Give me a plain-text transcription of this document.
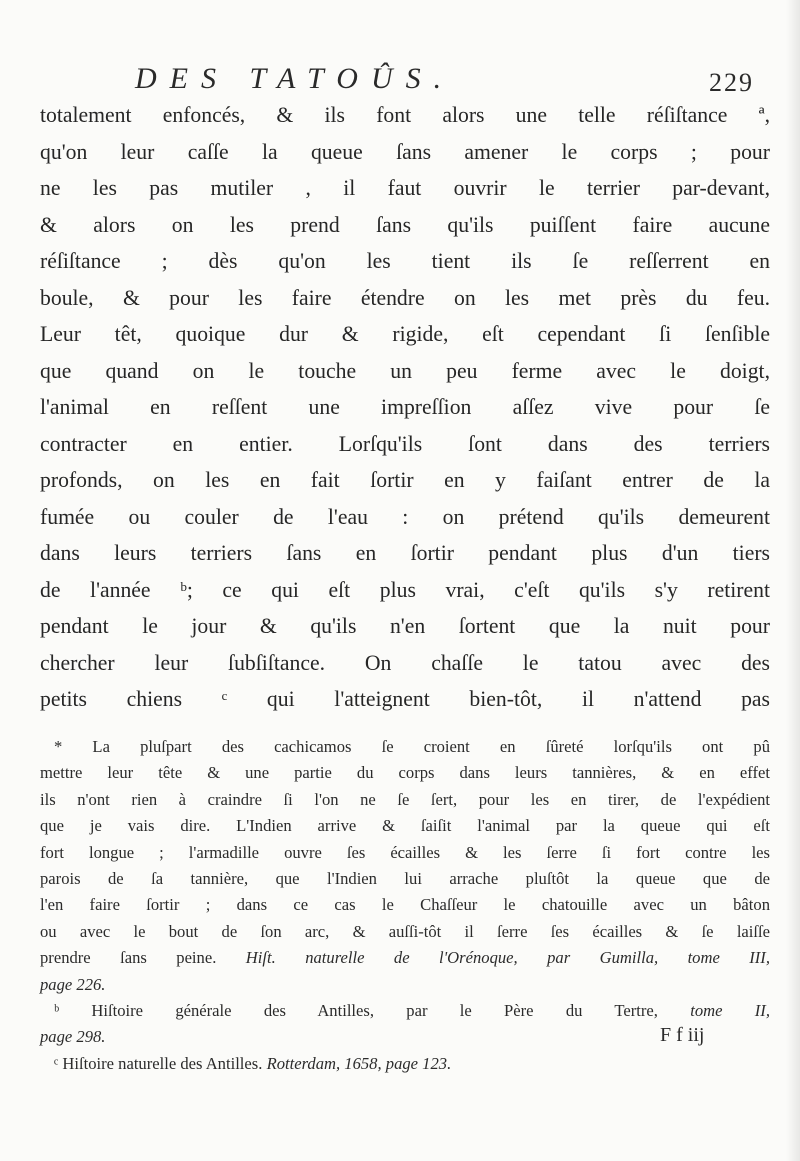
DES TATOÛS.	229
totalement enfoncés, & ils font alors une telle réſiſtance ª,
qu'on leur caſſe la queue ſans amener le corps ; pour
ne les pas mutiler , il faut ouvrir le terrier par-devant,
& alors on les prend ſans qu'ils puiſſent faire aucune
réſiſtance ; dès qu'on les tient ils ſe reſſerrent en
boule, & pour les faire étendre on les met près du feu.
Leur têt, quoique dur & rigide, eſt cependant ſi ſenſible
que quand on le touche un peu ferme avec le doigt,
l'animal en reſſent une impreſſion aſſez vive pour ſe
contracter en entier. Lorſqu'ils ſont dans des terriers
profonds, on les en fait ſortir en y faiſant entrer de la
fumée ou couler de l'eau : on prétend qu'ils demeurent
dans leurs terriers ſans en ſortir pendant plus d'un tiers
de l'année ᵇ; ce qui eſt plus vrai, c'eſt qu'ils s'y retirent
pendant le jour & qu'ils n'en ſortent que la nuit pour
chercher leur ſubſiſtance. On chaſſe le tatou avec des
petits chiens ᶜ qui l'atteignent bien-tôt, il n'attend pas
* La pluſpart des cachicamos ſe croient en ſûreté lorſqu'ils ont pû
mettre leur tête & une partie du corps dans leurs tannières, & en effet
ils n'ont rien à craindre ſi l'on ne ſe ſert, pour les en tirer, de l'expédient
que je vais dire. L'Indien arrive & ſaiſit l'animal par la queue qui eſt
fort longue ; l'armadille ouvre ſes écailles & les ſerre ſi fort contre les
parois de ſa tannière, que l'Indien lui arrache pluſtôt la queue que de
l'en faire ſortir ; dans ce cas le Chaſſeur le chatouille avec un bâton
ou avec le bout de ſon arc, & auſſi-tôt il ſerre ſes écailles & ſe laiſſe
prendre ſans peine. Hiſt. naturelle de l'Orénoque, par Gumilla, tome III,
page 226.
ᵇ Hiſtoire générale des Antilles, par le Père du Tertre, tome II,
page 298.
ᶜ Hiſtoire naturelle des Antilles. Rotterdam, 1658, page 123.
F f iij
